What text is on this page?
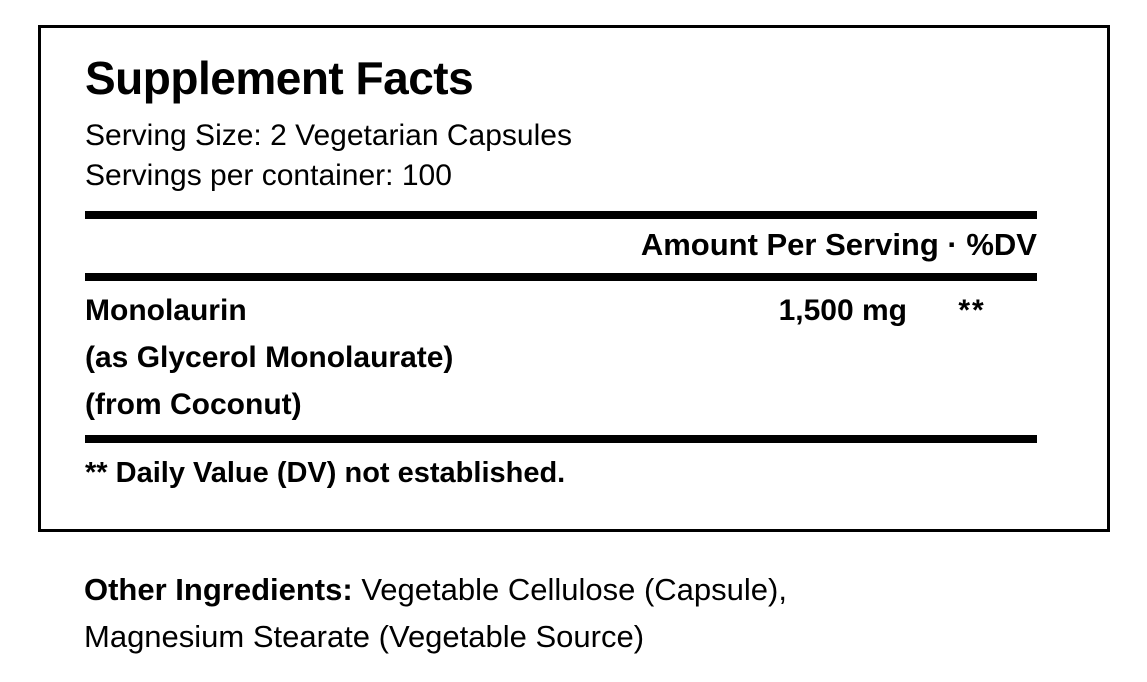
Supplement Facts
Serving Size: 2 Vegetarian Capsules
Servings per container: 100
Amount Per Serving · %DV
Monolaurin
(as Glycerol Monolaurate)
(from Coconut)
1,500 mg	**
** Daily Value (DV) not established.
Other Ingredients: Vegetable Cellulose (Capsule),
Magnesium Stearate (Vegetable Source)
